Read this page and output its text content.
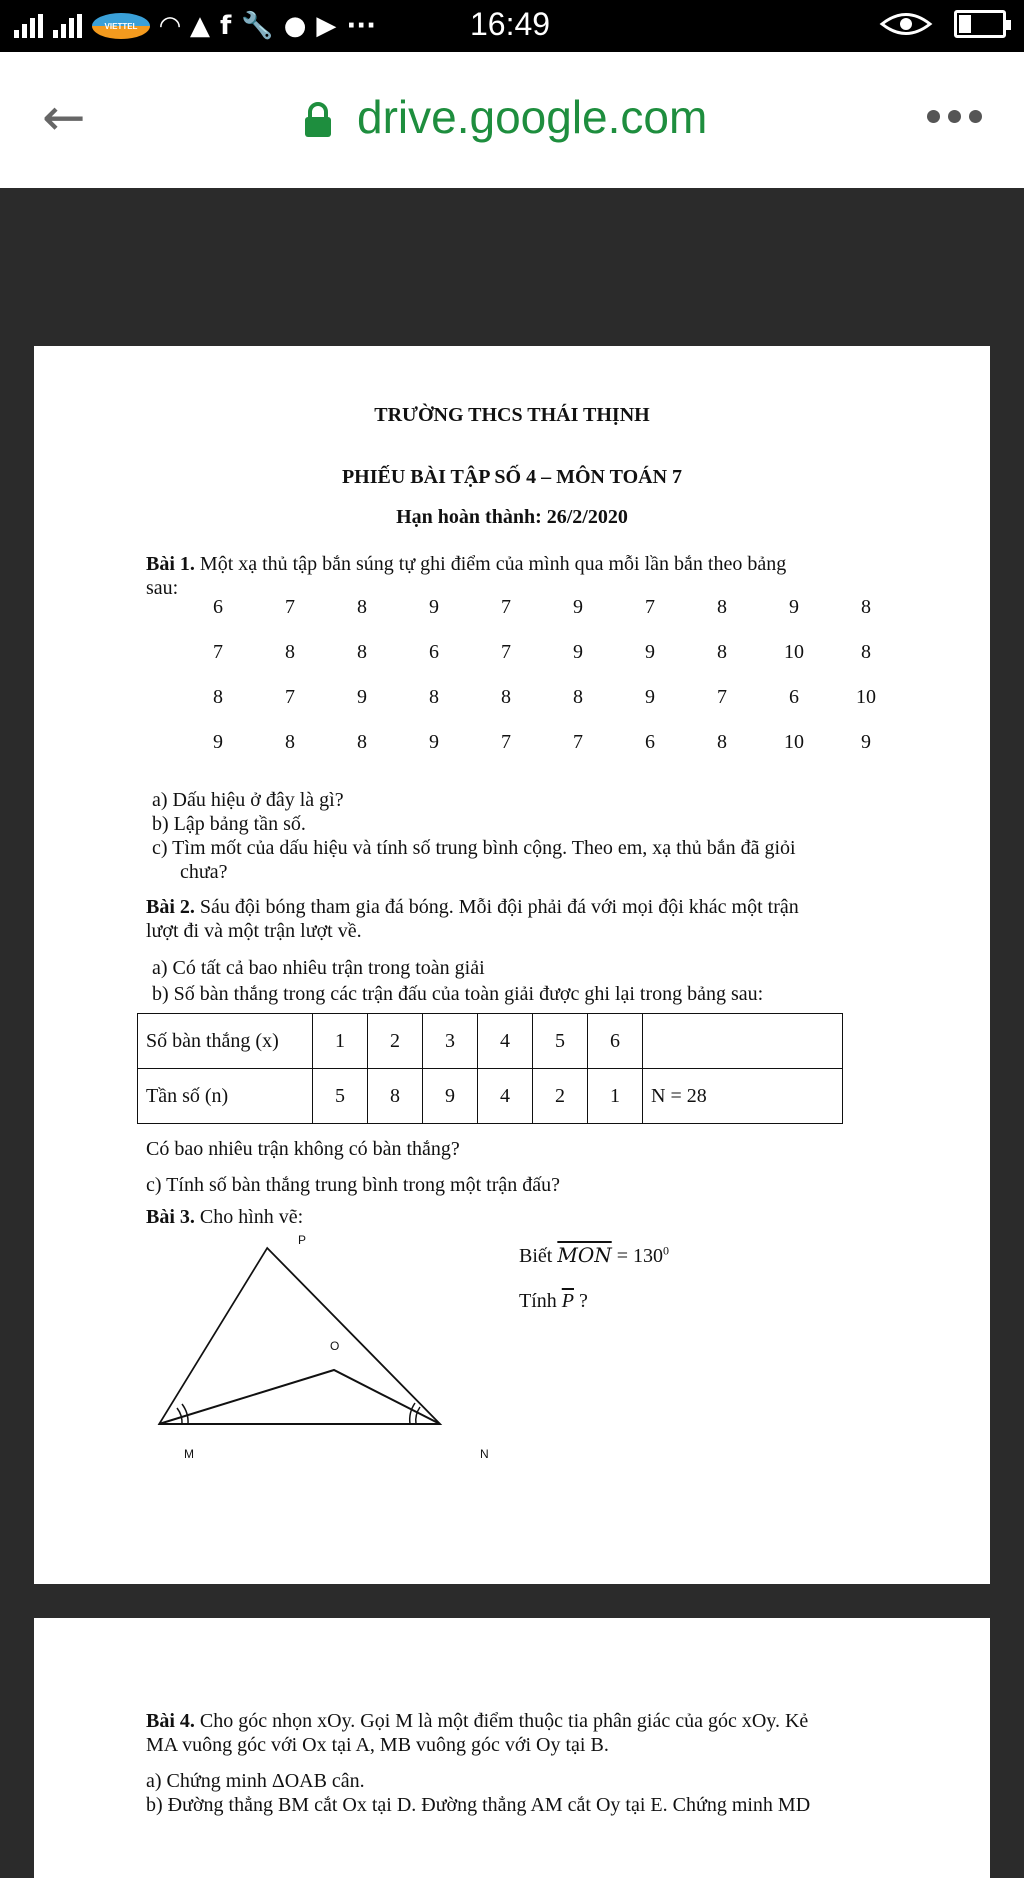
VIETTEL ◠ ▲ f 🔧 ● ▶ ···	16:49
←	drive.google.com
TRƯỜNG THCS THÁI THỊNH
PHIẾU BÀI TẬP SỐ 4 – MÔN TOÁN 7
Hạn hoàn thành: 26/2/2020
Bài 1. Một xạ thủ tập bắn súng tự ghi điểm của mình qua mỗi lần bắn theo bảng
sau:
6	7	8	9	7	9	7	8	9	8
7	8	8	6	7	9	9	8	10	8
8	7	9	8	8	8	9	7	6	10
9	8	8	9	7	7	6	8	10	9
a) Dấu hiệu ở đây là gì?
b) Lập bảng tần số.
c) Tìm mốt của dấu hiệu và tính số trung bình cộng. Theo em, xạ thủ bắn đã giỏi
chưa?
Bài 2. Sáu đội bóng tham gia đá bóng. Mỗi đội phải đá với mọi đội khác một trận
lượt đi và một trận lượt về.
a) Có tất cả bao nhiêu trận trong toàn giải
b) Số bàn thắng trong các trận đấu của toàn giải được ghi lại trong bảng sau:
Số bàn thắng (x)	1	2	3	4	5	6	
Tần số (n)	5	8	9	4	2	1	N = 28
Có bao nhiêu trận không có bàn thắng?
c) Tính số bàn thắng trung bình trong một trận đấu?
Bài 3. Cho hình vẽ:
P
O
M	N
Biết $\overline{MON} = 130^0$
Tính $\overline{P}$ ?
Bài 4. Cho góc nhọn xOy. Gọi M là một điểm thuộc tia phân giác của góc xOy. Kẻ
MA vuông góc với Ox tại A, MB vuông góc với Oy tại B.
a) Chứng minh ΔOAB cân.
b) Đường thẳng BM cắt Ox tại D. Đường thẳng AM cắt Oy tại E. Chứng minh MD
